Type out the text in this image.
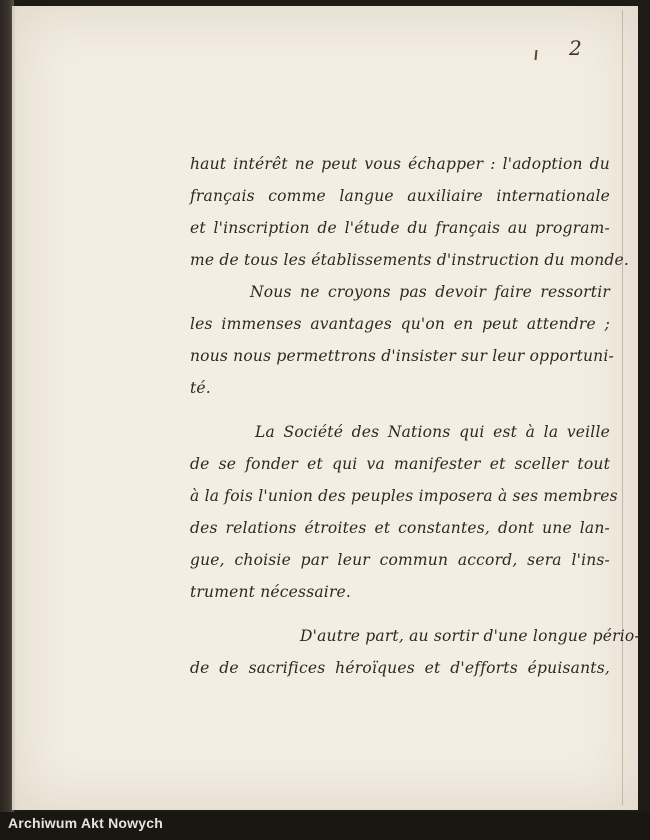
2
haut intérêt ne peut vous échapper : l'adoption du
français comme langue auxiliaire internationale
et l'inscription de l'étude du français au program-
me de tous les établissements d'instruction du monde.
Nous ne croyons pas devoir faire ressortir
les immenses avantages qu'on en peut attendre ;
nous nous permettrons d'insister sur leur opportuni-
té.
La Société des Nations qui est à la veille
de se fonder et qui va manifester et sceller tout
à la fois l'union des peuples imposera à ses membres
des relations étroites et constantes, dont une lan-
gue, choisie par leur commun accord, sera l'ins-
trument nécessaire.
D'autre part, au sortir d'une longue pério-
de de sacrifices héroïques et d'efforts épuisants,
Archiwum Akt Nowych
